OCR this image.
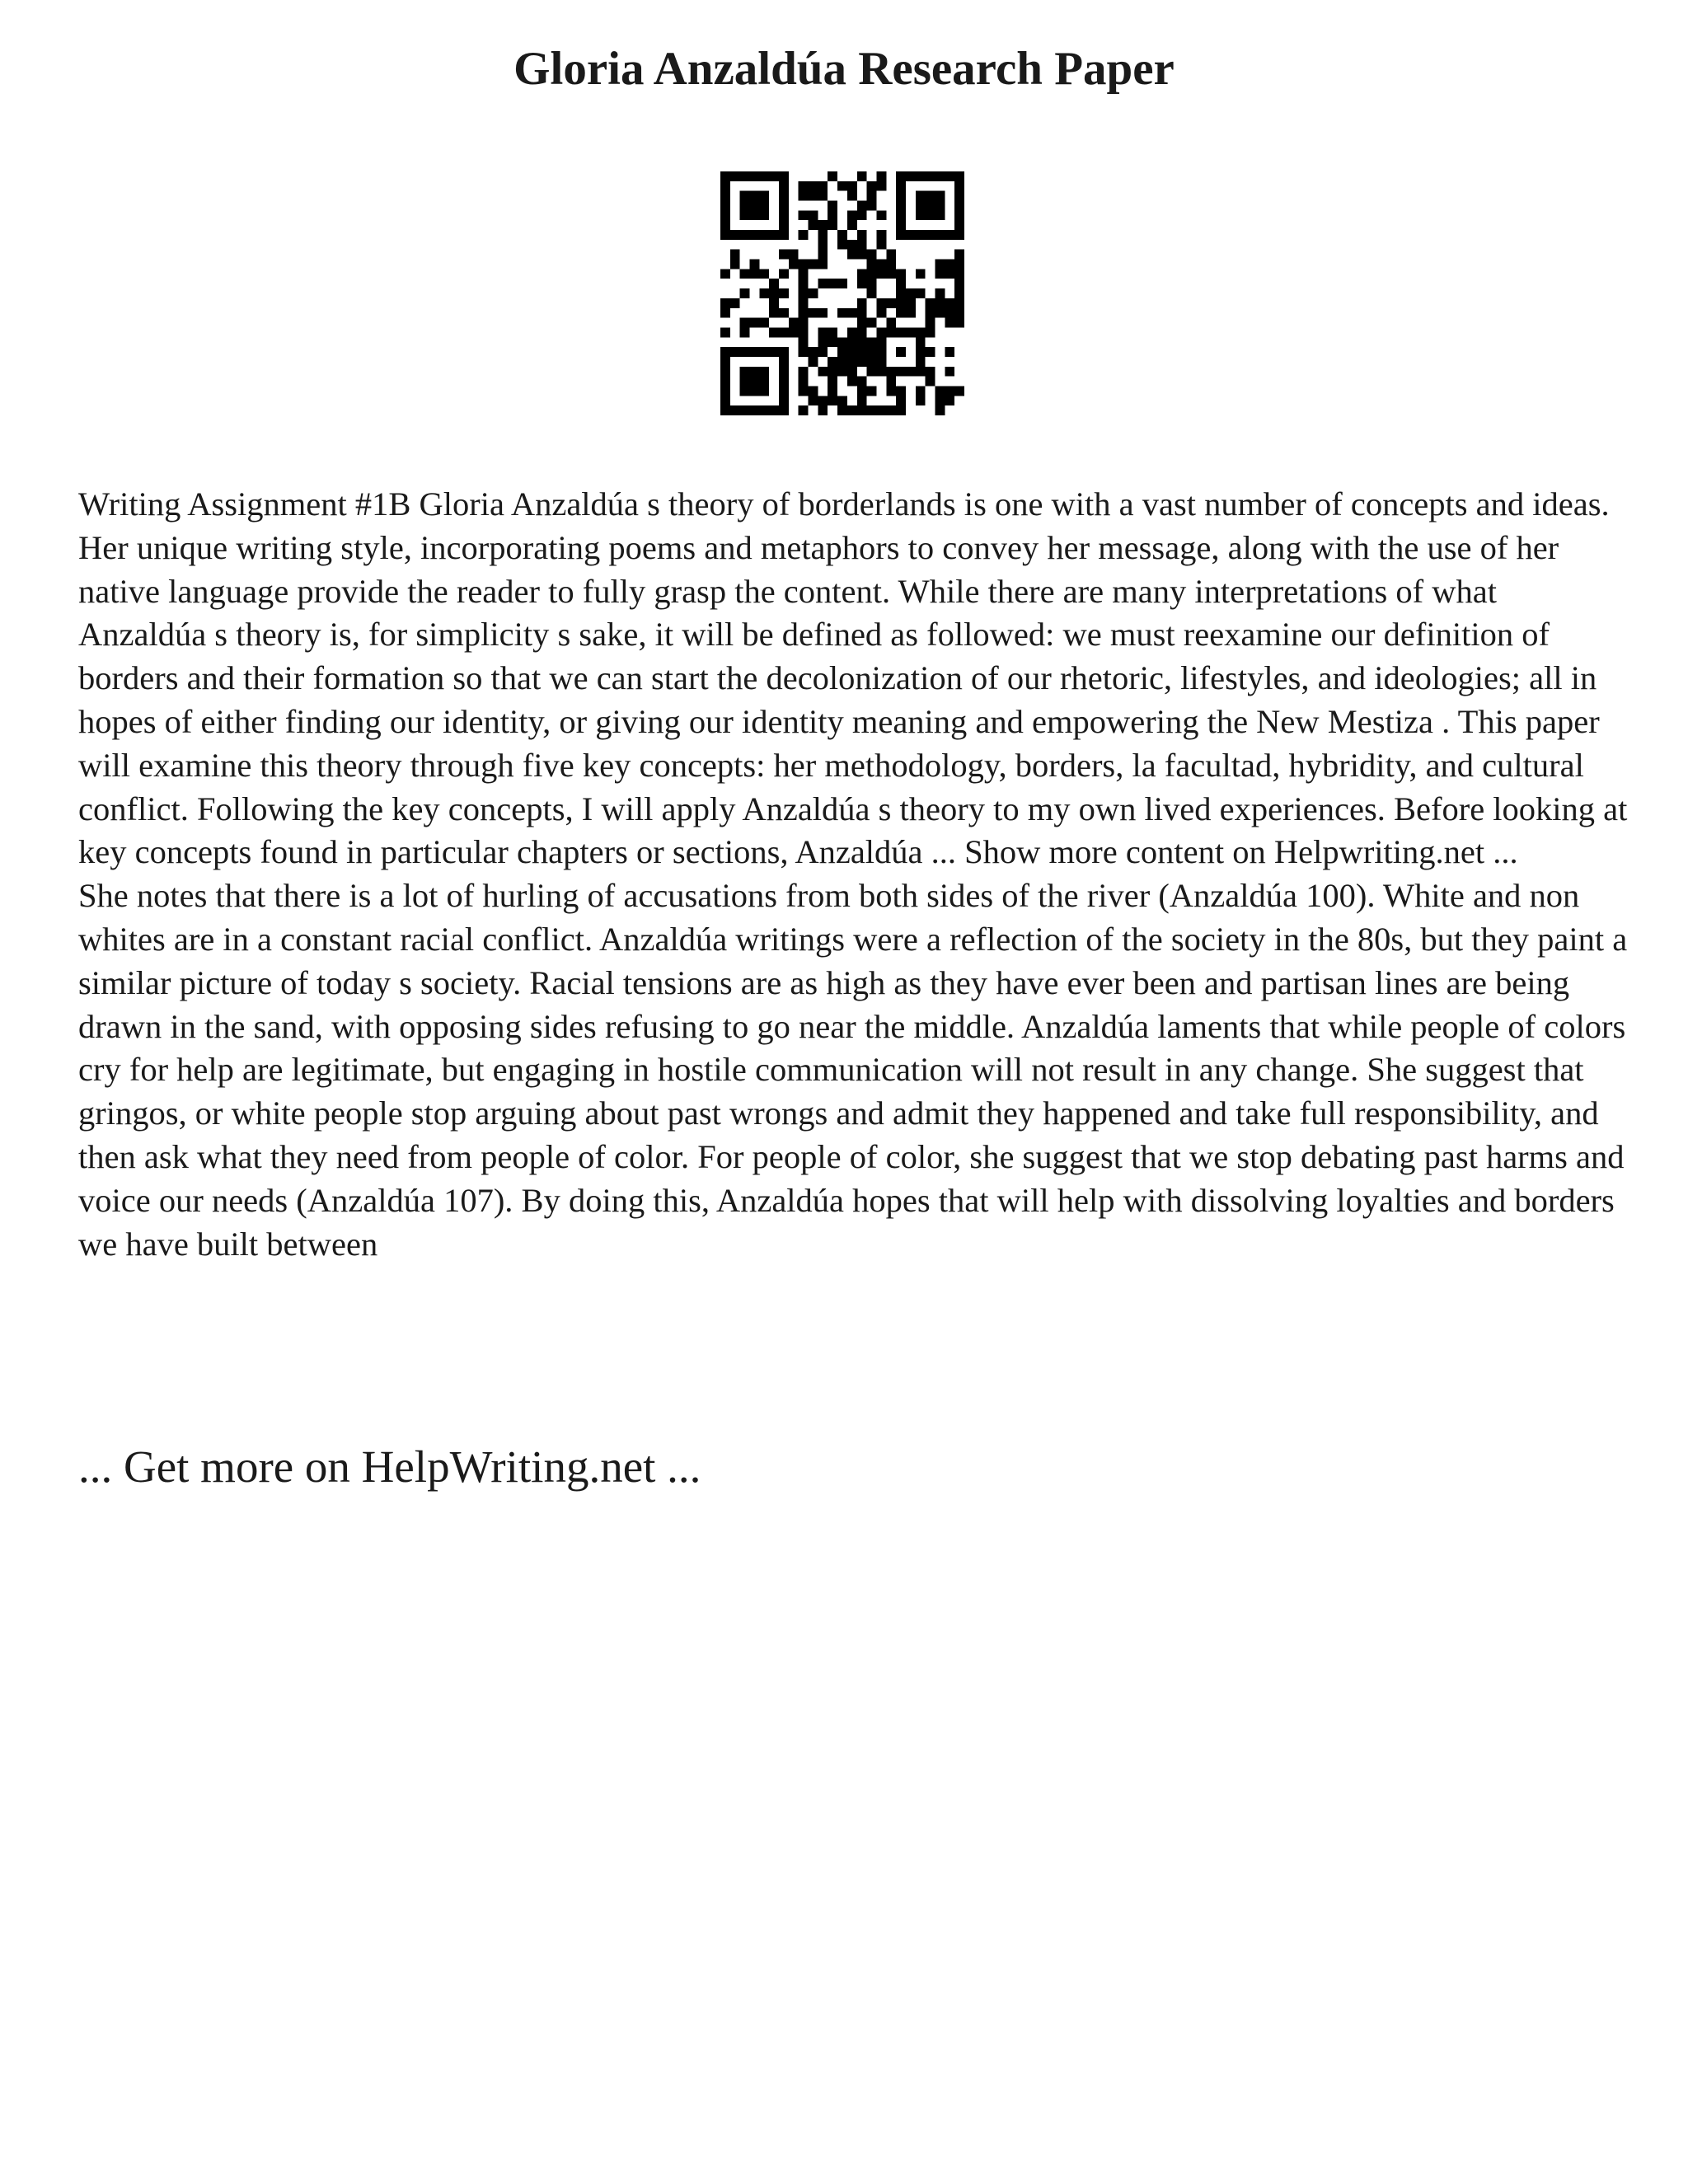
Gloria Anzaldúa Research Paper

Writing Assignment #1B Gloria Anzaldúa s theory of borderlands is one with a vast number of concepts and ideas. Her unique writing style, incorporating poems and metaphors to convey her message, along with the use of her native language provide the reader to fully grasp the content. While there are many interpretations of what Anzaldúa s theory is, for simplicity s sake, it will be defined as followed: we must reexamine our definition of borders and their formation so that we can start the decolonization of our rhetoric, lifestyles, and ideologies; all in hopes of either finding our identity, or giving our identity meaning and empowering the New Mestiza . This paper will examine this theory through five key concepts: her methodology, borders, la facultad, hybridity, and cultural conflict. Following the key concepts, I will apply Anzaldúa s theory to my own lived experiences. Before looking at key concepts found in particular chapters or sections, Anzaldúa ... Show more content on Helpwriting.net ...

She notes that there is a lot of hurling of accusations from both sides of the river (Anzaldúa 100). White and non whites are in a constant racial conflict. Anzaldúa writings were a reflection of the society in the 80s, but they paint a similar picture of today s society. Racial tensions are as high as they have ever been and partisan lines are being drawn in the sand, with opposing sides refusing to go near the middle. Anzaldúa laments that while people of colors cry for help are legitimate, but engaging in hostile communication will not result in any change. She suggest that gringos, or white people stop arguing about past wrongs and admit they happened and take full responsibility, and then ask what they need from people of color. For people of color, she suggest that we stop debating past harms and voice our needs (Anzaldúa 107). By doing this, Anzaldúa hopes that will help with dissolving loyalties and borders we have built between

... Get more on HelpWriting.net ...
